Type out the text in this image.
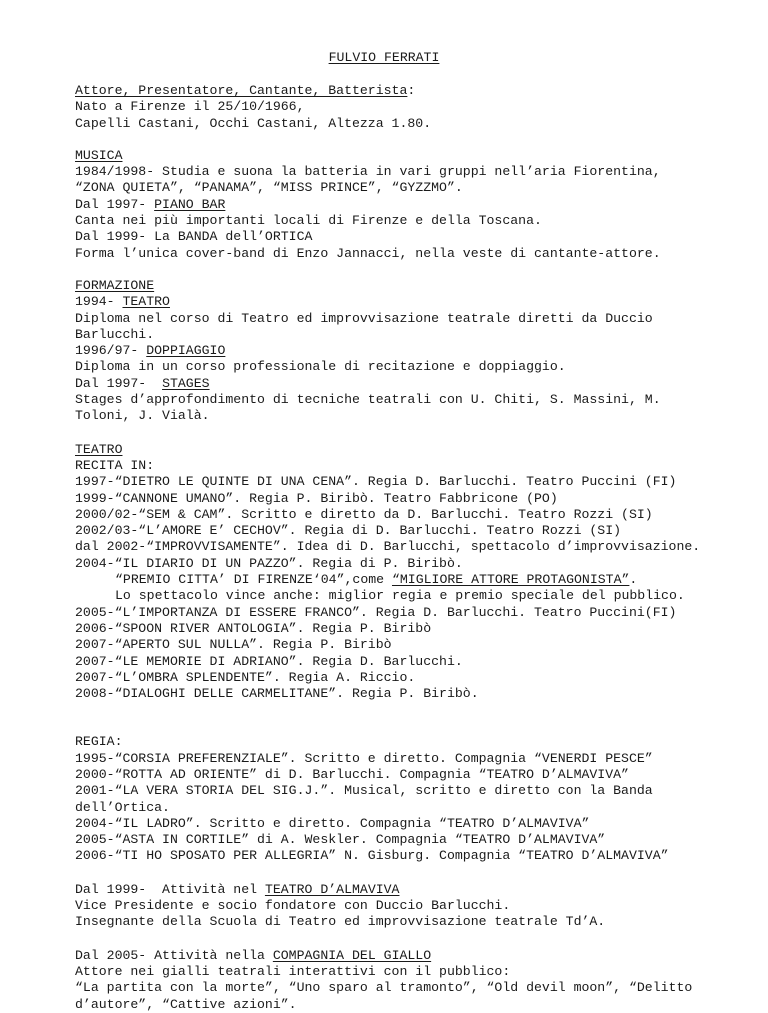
FULVIO FERRATI
Attore, Presentatore, Cantante, Batterista:
Nato a Firenze il 25/10/1966,
Capelli Castani, Occhi Castani, Altezza 1.80.
MUSICA
1984/1998- Studia e suona la batteria in vari gruppi nell’aria Fiorentina,
“ZONA QUIETA”, “PANAMA”, “MISS PRINCE”, “GYZZMO”.
Dal 1997- PIANO BAR
Canta nei più importanti locali di Firenze e della Toscana.
Dal 1999- La BANDA dell’ORTICA
Forma l’unica cover-band di Enzo Jannacci, nella veste di cantante-attore.
FORMAZIONE
1994- TEATRO
Diploma nel corso di Teatro ed improvvisazione teatrale diretti da Duccio Barlucchi.
1996/97- DOPPIAGGIO
Diploma in un corso professionale di recitazione e doppiaggio.
Dal 1997-  STAGES
Stages d’approfondimento di tecniche teatrali con U. Chiti, S. Massini, M. Toloni, J. Vialà.
TEATRO
RECITA IN:
1997-“DIETRO LE QUINTE DI UNA CENA”. Regia D. Barlucchi. Teatro Puccini (FI)
1999-“CANNONE UMANO”. Regia P. Biribò. Teatro Fabbricone (PO)
2000/02-“SEM & CAM”. Scritto e diretto da D. Barlucchi. Teatro Rozzi (SI)
2002/03-“L’AMORE E’ CECHOV”. Regia di D. Barlucchi. Teatro Rozzi (SI)
dal 2002-“IMPROVVISAMENTE”. Idea di D. Barlucchi, spettacolo d’improvvisazione.
2004-“IL DIARIO DI UN PAZZO”. Regia di P. Biribò.
“PREMIO CITTA’ DI FIRENZE‘04”,come “MIGLIORE ATTORE PROTAGONISTA”.
Lo spettacolo vince anche: miglior regia e premio speciale del pubblico.
2005-“L’IMPORTANZA DI ESSERE FRANCO”. Regia D. Barlucchi. Teatro Puccini(FI)
2006-“SPOON RIVER ANTOLOGIA”. Regia P. Biribò
2007-“APERTO SUL NULLA”. Regia P. Biribò
2007-“LE MEMORIE DI ADRIANO”. Regia D. Barlucchi.
2007-“L’OMBRA SPLENDENTE”. Regia A. Riccio.
2008-“DIALOGHI DELLE CARMELITANE”. Regia P. Biribò.
REGIA:
1995-“CORSIA PREFERENZIALE”. Scritto e diretto. Compagnia “VENERDI PESCE”
2000-“ROTTA AD ORIENTE” di D. Barlucchi. Compagnia “TEATRO D’ALMAVIVA”
2001-“LA VERA STORIA DEL SIG.J.”. Musical, scritto e diretto con la Banda dell’Ortica.
2004-“IL LADRO”. Scritto e diretto. Compagnia “TEATRO D’ALMAVIVA”
2005-“ASTA IN CORTILE” di A. Weskler. Compagnia “TEATRO D’ALMAVIVA”
2006-“TI HO SPOSATO PER ALLEGRIA” N. Gisburg. Compagnia “TEATRO D’ALMAVIVA”
Dal 1999-  Attività nel TEATRO D’ALMAVIVA
Vice Presidente e socio fondatore con Duccio Barlucchi.
Insegnante della Scuola di Teatro ed improvvisazione teatrale Td’A.
Dal 2005- Attività nella COMPAGNIA DEL GIALLO
Attore nei gialli teatrali interattivi con il pubblico:
“La partita con la morte”, “Uno sparo al tramonto”, “Old devil moon”, “Delitto d’autore”, “Cattive azioni”.
